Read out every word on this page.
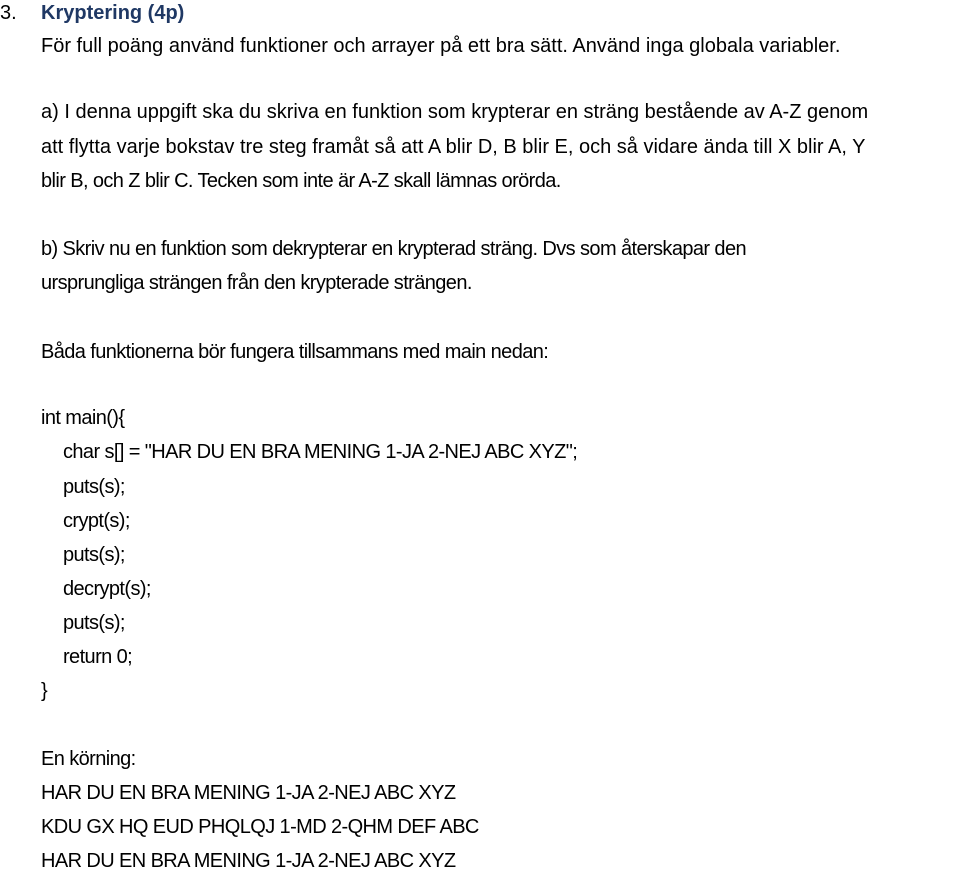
3. Kryptering (4p)
För full poäng använd funktioner och arrayer på ett bra sätt. Använd inga globala variabler.
a) I denna uppgift ska du skriva en funktion som krypterar en sträng bestående av A-Z genom
att flytta varje bokstav tre steg framåt så att A blir D, B blir E, och så vidare ända till X blir A, Y
blir B, och Z blir C. Tecken som inte är A-Z skall lämnas orörda.
b) Skriv nu en funktion som dekrypterar en krypterad sträng. Dvs som återskapar den
ursprungliga strängen från den krypterade strängen.
Båda funktionerna bör fungera tillsammans med main nedan:
int main(){
char s[] = "HAR DU EN BRA MENING 1-JA 2-NEJ ABC XYZ";
puts(s);
crypt(s);
puts(s);
decrypt(s);
puts(s);
return 0;
}
En körning:
HAR DU EN BRA MENING 1-JA 2-NEJ ABC XYZ
KDU GX HQ EUD PHQLQJ 1-MD 2-QHM DEF ABC
HAR DU EN BRA MENING 1-JA 2-NEJ ABC XYZ
